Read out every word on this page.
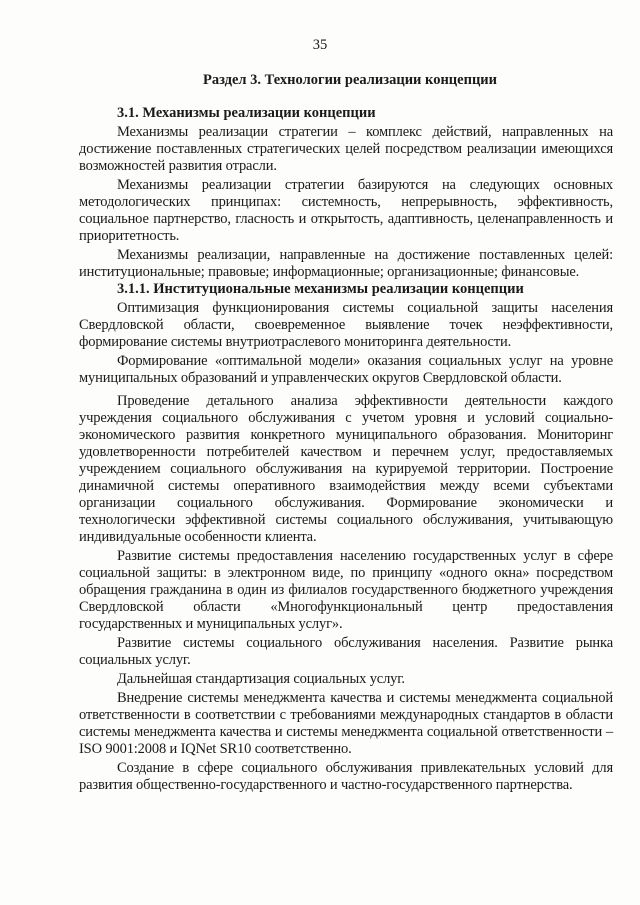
35
Раздел 3. Технологии реализации концепции
3.1. Механизмы реализации концепции

Механизмы реализации стратегии – комплекс действий, направленных на достижение поставленных стратегических целей посредством реализации имеющихся возможностей развития отрасли.

Механизмы реализации стратегии базируются на следующих основных методологических принципах: системность, непрерывность, эффективность, социальное партнерство, гласность и открытость, адаптивность, целенаправленность и приоритетность.

Механизмы реализации, направленные на достижение поставленных целей: институциональные; правовые; информационные; организационные; финансовые.

3.1.1. Институциональные механизмы реализации концепции

Оптимизация функционирования системы социальной защиты населения Свердловской области, своевременное выявление точек неэффективности, формирование системы внутриотраслевого мониторинга деятельности.

Формирование «оптимальной модели» оказания социальных услуг на уровне муниципальных образований и управленческих округов Свердловской области.

Проведение детального анализа эффективности деятельности каждого учреждения социального обслуживания с учетом уровня и условий социально-экономического развития конкретного муниципального образования. Мониторинг удовлетворенности потребителей качеством и перечнем услуг, предоставляемых учреждением социального обслуживания на курируемой территории. Построение динамичной системы оперативного взаимодействия между всеми субъектами организации социального обслуживания. Формирование экономически и технологически эффективной системы социального обслуживания, учитывающую индивидуальные особенности клиента.

Развитие системы предоставления населению государственных услуг в сфере социальной защиты: в электронном виде, по принципу «одного окна» посредством обращения гражданина в один из филиалов государственного бюджетного учреждения Свердловской области «Многофункциональный центр предоставления государственных и муниципальных услуг».

Развитие системы социального обслуживания населения. Развитие рынка социальных услуг.

Дальнейшая стандартизация социальных услуг.

Внедрение системы менеджмента качества и системы менеджмента социальной ответственности в соответствии с требованиями международных стандартов в области системы менеджмента качества и системы менеджмента социальной ответственности – ISO 9001:2008 и IQNet SR10 соответственно.

Создание в сфере социального обслуживания привлекательных условий для развития общественно-государственного и частно-государственного партнерства.
